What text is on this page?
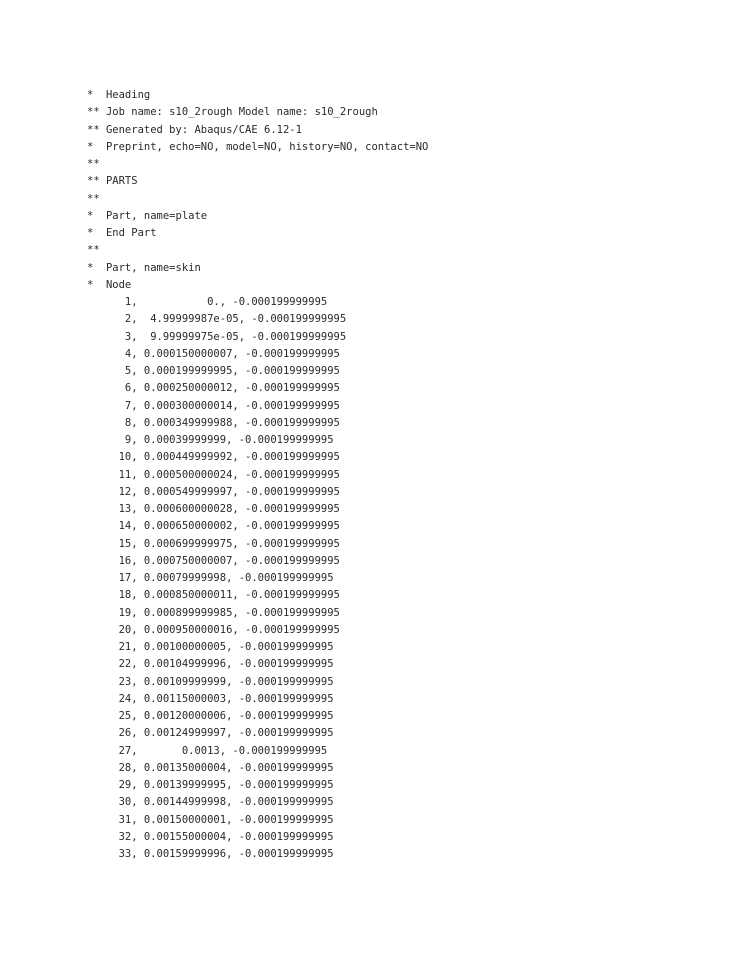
*  Heading
** Job name: s10_2rough Model name: s10_2rough
** Generated by: Abaqus/CAE 6.12-1
*  Preprint, echo=NO, model=NO, history=NO, contact=NO
**
** PARTS
**
*  Part, name=plate
*  End Part
**
*  Part, name=skin
*  Node
1,           0., -0.000199999995
2,  4.99999987e-05, -0.000199999995
3,  9.99999975e-05, -0.000199999995
4, 0.000150000007, -0.000199999995
5, 0.000199999995, -0.000199999995
6, 0.000250000012, -0.000199999995
7, 0.000300000014, -0.000199999995
8, 0.000349999988, -0.000199999995
9, 0.00039999999, -0.000199999995
10, 0.000449999992, -0.000199999995
11, 0.000500000024, -0.000199999995
12, 0.000549999997, -0.000199999995
13, 0.000600000028, -0.000199999995
14, 0.000650000002, -0.000199999995
15, 0.000699999975, -0.000199999995
16, 0.000750000007, -0.000199999995
17, 0.00079999998, -0.000199999995
18, 0.000850000011, -0.000199999995
19, 0.000899999985, -0.000199999995
20, 0.000950000016, -0.000199999995
21, 0.00100000005, -0.000199999995
22, 0.00104999996, -0.000199999995
23, 0.00109999999, -0.000199999995
24, 0.00115000003, -0.000199999995
25, 0.00120000006, -0.000199999995
26, 0.00124999997, -0.000199999995
27,       0.0013, -0.000199999995
28, 0.00135000004, -0.000199999995
29, 0.00139999995, -0.000199999995
30, 0.00144999998, -0.000199999995
31, 0.00150000001, -0.000199999995
32, 0.00155000004, -0.000199999995
33, 0.00159999996, -0.000199999995
